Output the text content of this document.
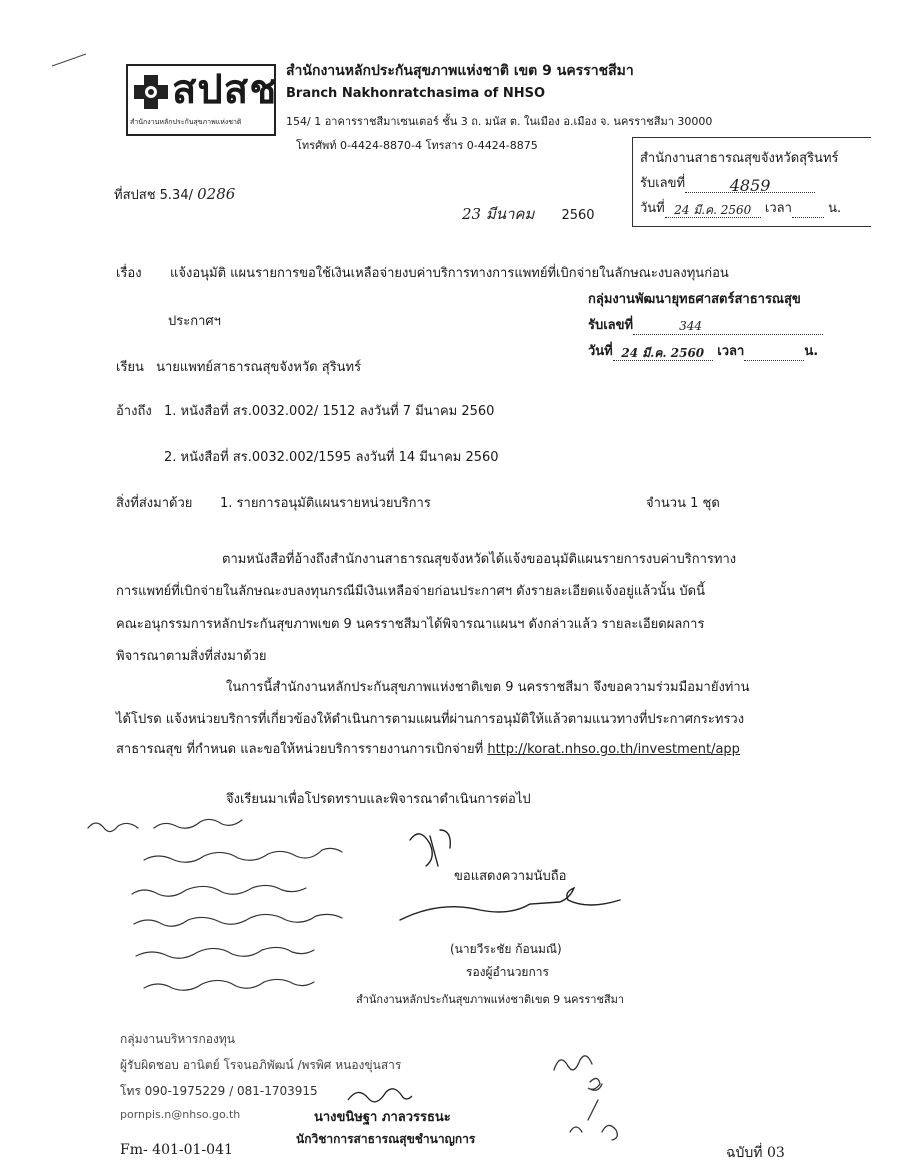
สปสช
สำนักงานหลักประกันสุขภาพแห่งชาติ
สำนักงานหลักประกันสุขภาพแห่งชาติ เขต 9 นครราชสีมา
Branch Nakhonratchasima of NHSO
154/ 1 อาคารราชสีมาเซนเตอร์ ชั้น 3 ถ. มนัส ต. ในเมือง อ.เมือง จ. นครราชสีมา 30000
โทรศัพท์ 0-4424-8870-4 โทรสาร 0-4424-8875
สำนักงานสาธารณสุขจังหวัดสุรินทร์
รับเลขที่	4859
วันที่ 24 มี.ค. 2560 เวลา	น.
ที่สปสช 5.34/ 0286
23 มีนาคม 2560
เรื่อง แจ้งอนุมัติ แผนรายการขอใช้เงินเหลือจ่ายงบค่าบริการทางการแพทย์ที่เบิกจ่ายในลักษณะงบลงทุนก่อน
ประกาศฯ
กลุ่มงานพัฒนายุทธศาสตร์สาธารณสุข
รับเลขที่	344
วันที่ 24 มี.ค. 2560 เวลา	น.
เรียน นายแพทย์สาธารณสุขจังหวัด สุรินทร์
อ้างถึง 1. หนังสือที่ สร.0032.002/ 1512 ลงวันที่ 7 มีนาคม 2560
2. หนังสือที่ สร.0032.002/1595 ลงวันที่ 14 มีนาคม 2560
สิ่งที่ส่งมาด้วย 1. รายการอนุมัติแผนรายหน่วยบริการ	จำนวน 1 ชุด
ตามหนังสือที่อ้างถึงสำนักงานสาธารณสุขจังหวัดได้แจ้งขออนุมัติแผนรายการงบค่าบริการทาง
การแพทย์ที่เบิกจ่ายในลักษณะงบลงทุนกรณีมีเงินเหลือจ่ายก่อนประกาศฯ ดังรายละเอียดแจ้งอยู่แล้วนั้น บัดนี้
คณะอนุกรรมการหลักประกันสุขภาพเขต 9 นครราชสีมาได้พิจารณาแผนฯ ดังกล่าวแล้ว รายละเอียดผลการ
พิจารณาตามสิ่งที่ส่งมาด้วย
ในการนี้สำนักงานหลักประกันสุขภาพแห่งชาติเขต 9 นครราชสีมา จึงขอความร่วมมือมายังท่าน
ได้โปรด แจ้งหน่วยบริการที่เกี่ยวข้องให้ดำเนินการตามแผนที่ผ่านการอนุมัติให้แล้วตามแนวทางที่ประกาศกระทรวง
สาธารณสุข ที่กำหนด และขอให้หน่วยบริการรายงานการเบิกจ่ายที่ http://korat.nhso.go.th/investment/app
จึงเรียนมาเพื่อโปรดทราบและพิจารณาดำเนินการต่อไป
ขอแสดงความนับถือ
(นายวีระชัย ก้อนมณี)
รองผู้อำนวยการ
สำนักงานหลักประกันสุขภาพแห่งชาติเขต 9 นครราชสีมา
กลุ่มงานบริหารกองทุน
ผู้รับผิดชอบ อานิตย์ โรจนอภิพัฒน์ /พรพิศ หนองขุ่นสาร
โทร 090-1975229 / 081-1703915
pornpis.n@nhso.go.th
Fm- 401-01-041
นางขนิษฐา ภาลวรรธนะ
นักวิชาการสาธารณสุขชำนาญการ
ฉบับที่ 03
